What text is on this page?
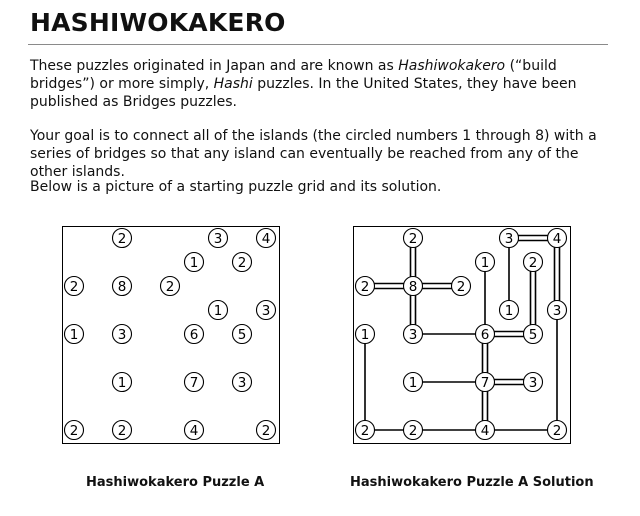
HASHIWOKAKERO

These puzzles originated in Japan and are known as Hashiwokakero (“build bridges”) or more simply, Hashi puzzles. In the United States, they have been published as Bridges puzzles.

Your goal is to connect all of the islands (the circled numbers 1 through 8) with a series of bridges so that any island can eventually be reached from any of the other islands.

Below is a picture of a starting puzzle grid and its solution.

2	3	4
1	2
2	8	2
1	3
1	3	6	5
1	7	3
2	2	4	2
2	3	4
1	2
2	8	2
1	3
1	3	6	5
1	7	3
2	2	4	2

Hashiwokakero Puzzle A	Hashiwokakero Puzzle A Solution
